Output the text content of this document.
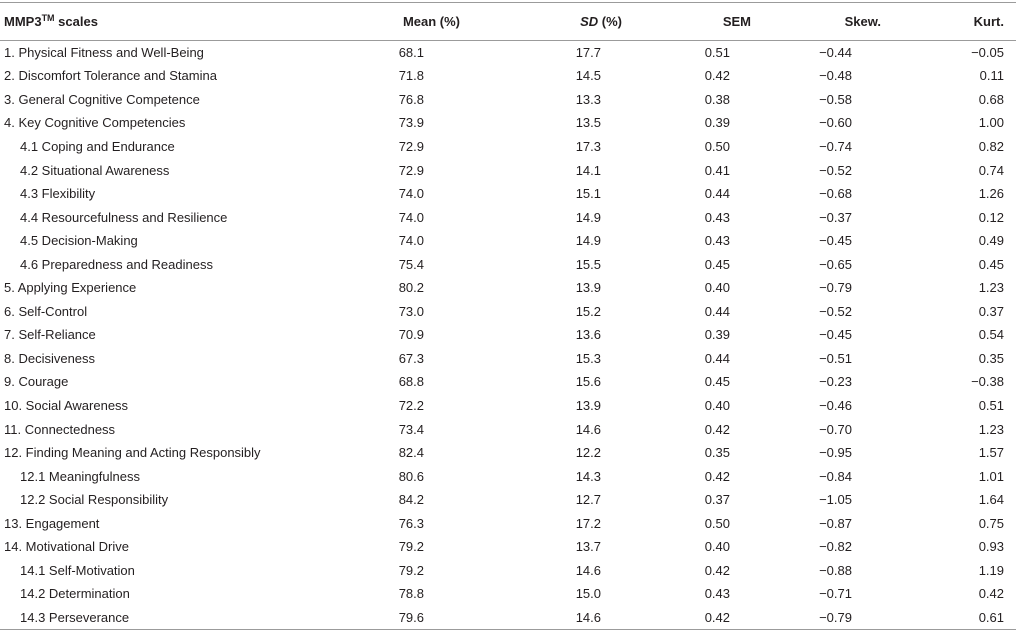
MMP3™ scales	Mean (%)	SD (%)	SEM	Skew.	Kurt.
1. Physical Fitness and Well-Being	68.1	17.7	0.51	−0.44	−0.05
2. Discomfort Tolerance and Stamina	71.8	14.5	0.42	−0.48	0.11
3. General Cognitive Competence	76.8	13.3	0.38	−0.58	0.68
4. Key Cognitive Competencies	73.9	13.5	0.39	−0.60	1.00
4.1 Coping and Endurance	72.9	17.3	0.50	−0.74	0.82
4.2 Situational Awareness	72.9	14.1	0.41	−0.52	0.74
4.3 Flexibility	74.0	15.1	0.44	−0.68	1.26
4.4 Resourcefulness and Resilience	74.0	14.9	0.43	−0.37	0.12
4.5 Decision-Making	74.0	14.9	0.43	−0.45	0.49
4.6 Preparedness and Readiness	75.4	15.5	0.45	−0.65	0.45
5. Applying Experience	80.2	13.9	0.40	−0.79	1.23
6. Self-Control	73.0	15.2	0.44	−0.52	0.37
7. Self-Reliance	70.9	13.6	0.39	−0.45	0.54
8. Decisiveness	67.3	15.3	0.44	−0.51	0.35
9. Courage	68.8	15.6	0.45	−0.23	−0.38
10. Social Awareness	72.2	13.9	0.40	−0.46	0.51
11. Connectedness	73.4	14.6	0.42	−0.70	1.23
12. Finding Meaning and Acting Responsibly	82.4	12.2	0.35	−0.95	1.57
12.1 Meaningfulness	80.6	14.3	0.42	−0.84	1.01
12.2 Social Responsibility	84.2	12.7	0.37	−1.05	1.64
13. Engagement	76.3	17.2	0.50	−0.87	0.75
14. Motivational Drive	79.2	13.7	0.40	−0.82	0.93
14.1 Self-Motivation	79.2	14.6	0.42	−0.88	1.19
14.2 Determination	78.8	15.0	0.43	−0.71	0.42
14.3 Perseverance	79.6	14.6	0.42	−0.79	0.61
